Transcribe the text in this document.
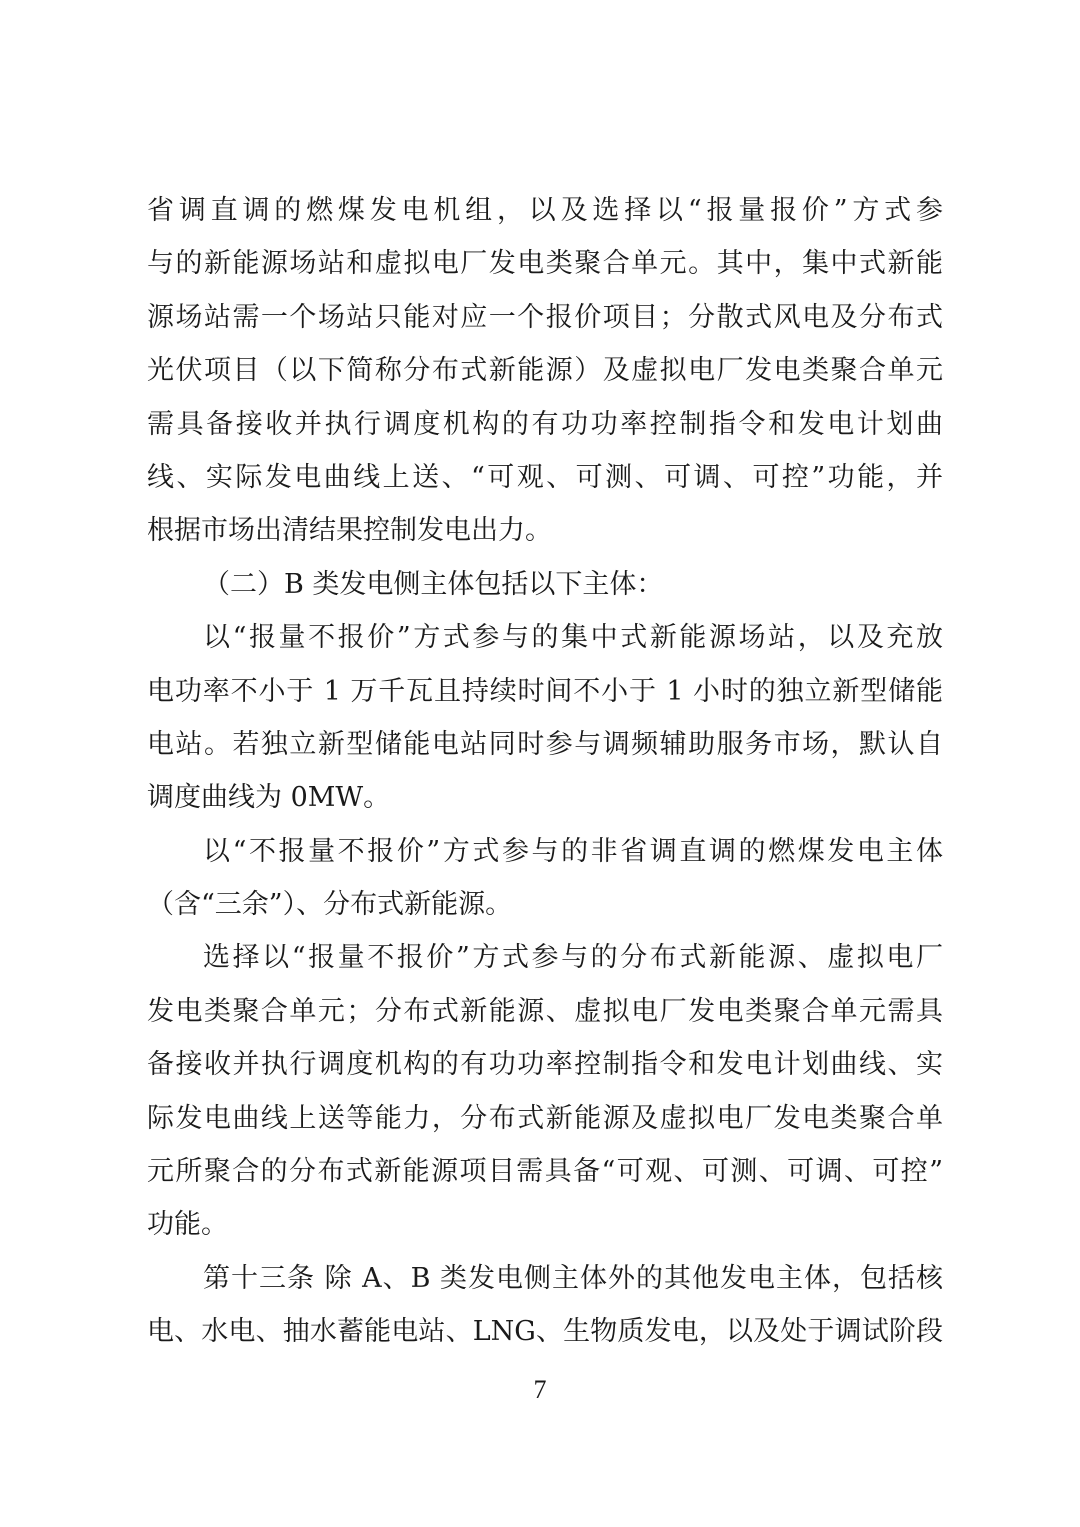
省调直调的燃煤发电机组，以及选择以“报量报价”方式参
与的新能源场站和虚拟电厂发电类聚合单元。其中，集中式新能
源场站需一个场站只能对应一个报价项目；分散式风电及分布式
光伏项目（以下简称分布式新能源）及虚拟电厂发电类聚合单元
需具备接收并执行调度机构的有功功率控制指令和发电计划曲
线、实际发电曲线上送、“可观、可测、可调、可控”功能，并
根据市场出清结果控制发电出力。
（二）B 类发电侧主体包括以下主体：
以“报量不报价”方式参与的集中式新能源场站，以及充放
电功率不小于 1 万千瓦且持续时间不小于 1 小时的独立新型储能
电站。若独立新型储能电站同时参与调频辅助服务市场，默认自
调度曲线为 0MW。
以“不报量不报价”方式参与的非省调直调的燃煤发电主体
（含“三余”）、分布式新能源。
选择以“报量不报价”方式参与的分布式新能源、虚拟电厂
发电类聚合单元；分布式新能源、虚拟电厂发电类聚合单元需具
备接收并执行调度机构的有功功率控制指令和发电计划曲线、实
际发电曲线上送等能力，分布式新能源及虚拟电厂发电类聚合单
元所聚合的分布式新能源项目需具备“可观、可测、可调、可控”
功能。
第十三条 除 A、B 类发电侧主体外的其他发电主体，包括核
电、水电、抽水蓄能电站、LNG、生物质发电，以及处于调试阶段
7
